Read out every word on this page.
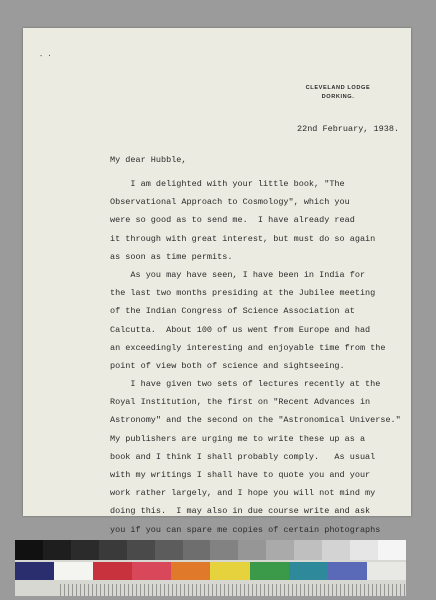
- ·
CLEVELAND LODGE
DORKING.
22nd February, 1938.
My dear Hubble,
I am delighted with your little book, "The
Observational Approach to Cosmology", which you
were so good as to send me.  I have already read
it through with great interest, but must do so again
as soon as time permits.
As you may have seen, I have been in India for
the last two months presiding at the Jubilee meeting
of the Indian Congress of Science Association at
Calcutta.  About 100 of us went from Europe and had
an exceedingly interesting and enjoyable time from the
point of view both of science and sightseeing.
I have given two sets of lectures recently at the
Royal Institution, the first on "Recent Advances in
Astronomy" and the second on the "Astronomical Universe."
My publishers are urging me to write these up as a
book and I think I shall probably comply.   As usual
with my writings I shall have to quote you and your
work rather largely, and I hope you will not mind my
doing this.  I may also in due course write and ask
you if you can spare me copies of certain photographs
